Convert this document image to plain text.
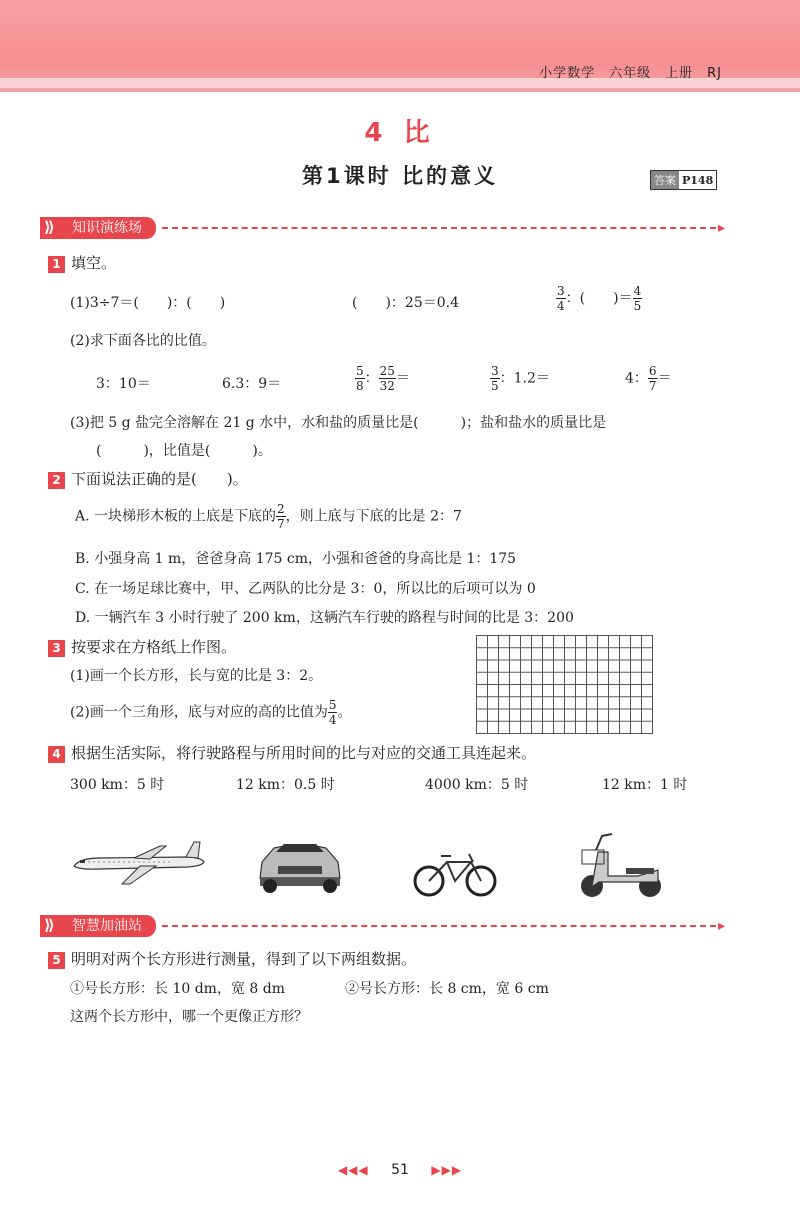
小学数学 六年级 上册 RJ
4 比
第1课时 比的意义	答案 P148
⟫ 知识演练场	▸
1 填空。
(1)3÷7＝(　　)：(　　)	(　　)：25＝0.4	$\frac{3}{4}$ ：(　　)＝ $\frac{4}{5}$
(2)求下面各比的比值。
3：10＝	6.3：9＝	$\frac{5}{8}$ ： $\frac{25}{32}$ ＝	$\frac{3}{5}$ ：1.2＝	4： $\frac{6}{7}$ ＝
(3)把 5 g 盐完全溶解在 21 g 水中，水和盐的质量比是(　　　)；盐和盐水的质量比是
(　　　)，比值是(　　　)。
2 下面说法正确的是(　　)。
A. 一块梯形木板的上底是下底的 $\frac{2}{7}$ ，则上底与下底的比是 2：7
B. 小强身高 1 m，爸爸身高 175 cm，小强和爸爸的身高比是 1：175
C. 在一场足球比赛中，甲、乙两队的比分是 3：0，所以比的后项可以为 0
D. 一辆汽车 3 小时行驶了 200 km，这辆汽车行驶的路程与时间的比是 3：200
3 按要求在方格纸上作图。
(1)画一个长方形，长与宽的比是 3：2。
(2)画一个三角形，底与对应的高的比值为 $\frac{5}{4}$ 。
4 根据生活实际，将行驶路程与所用时间的比与对应的交通工具连起来。
300 km：5 时	12 km：0.5 时	4000 km：5 时	12 km：1 时
⟫ 智慧加油站	▸
5 明明对两个长方形进行测量，得到了以下两组数据。
①号长方形：长 10 dm，宽 8 dm	②号长方形：长 8 cm，宽 6 cm
这两个长方形中，哪一个更像正方形？
◀◀◀ 51 ▶▶▶
